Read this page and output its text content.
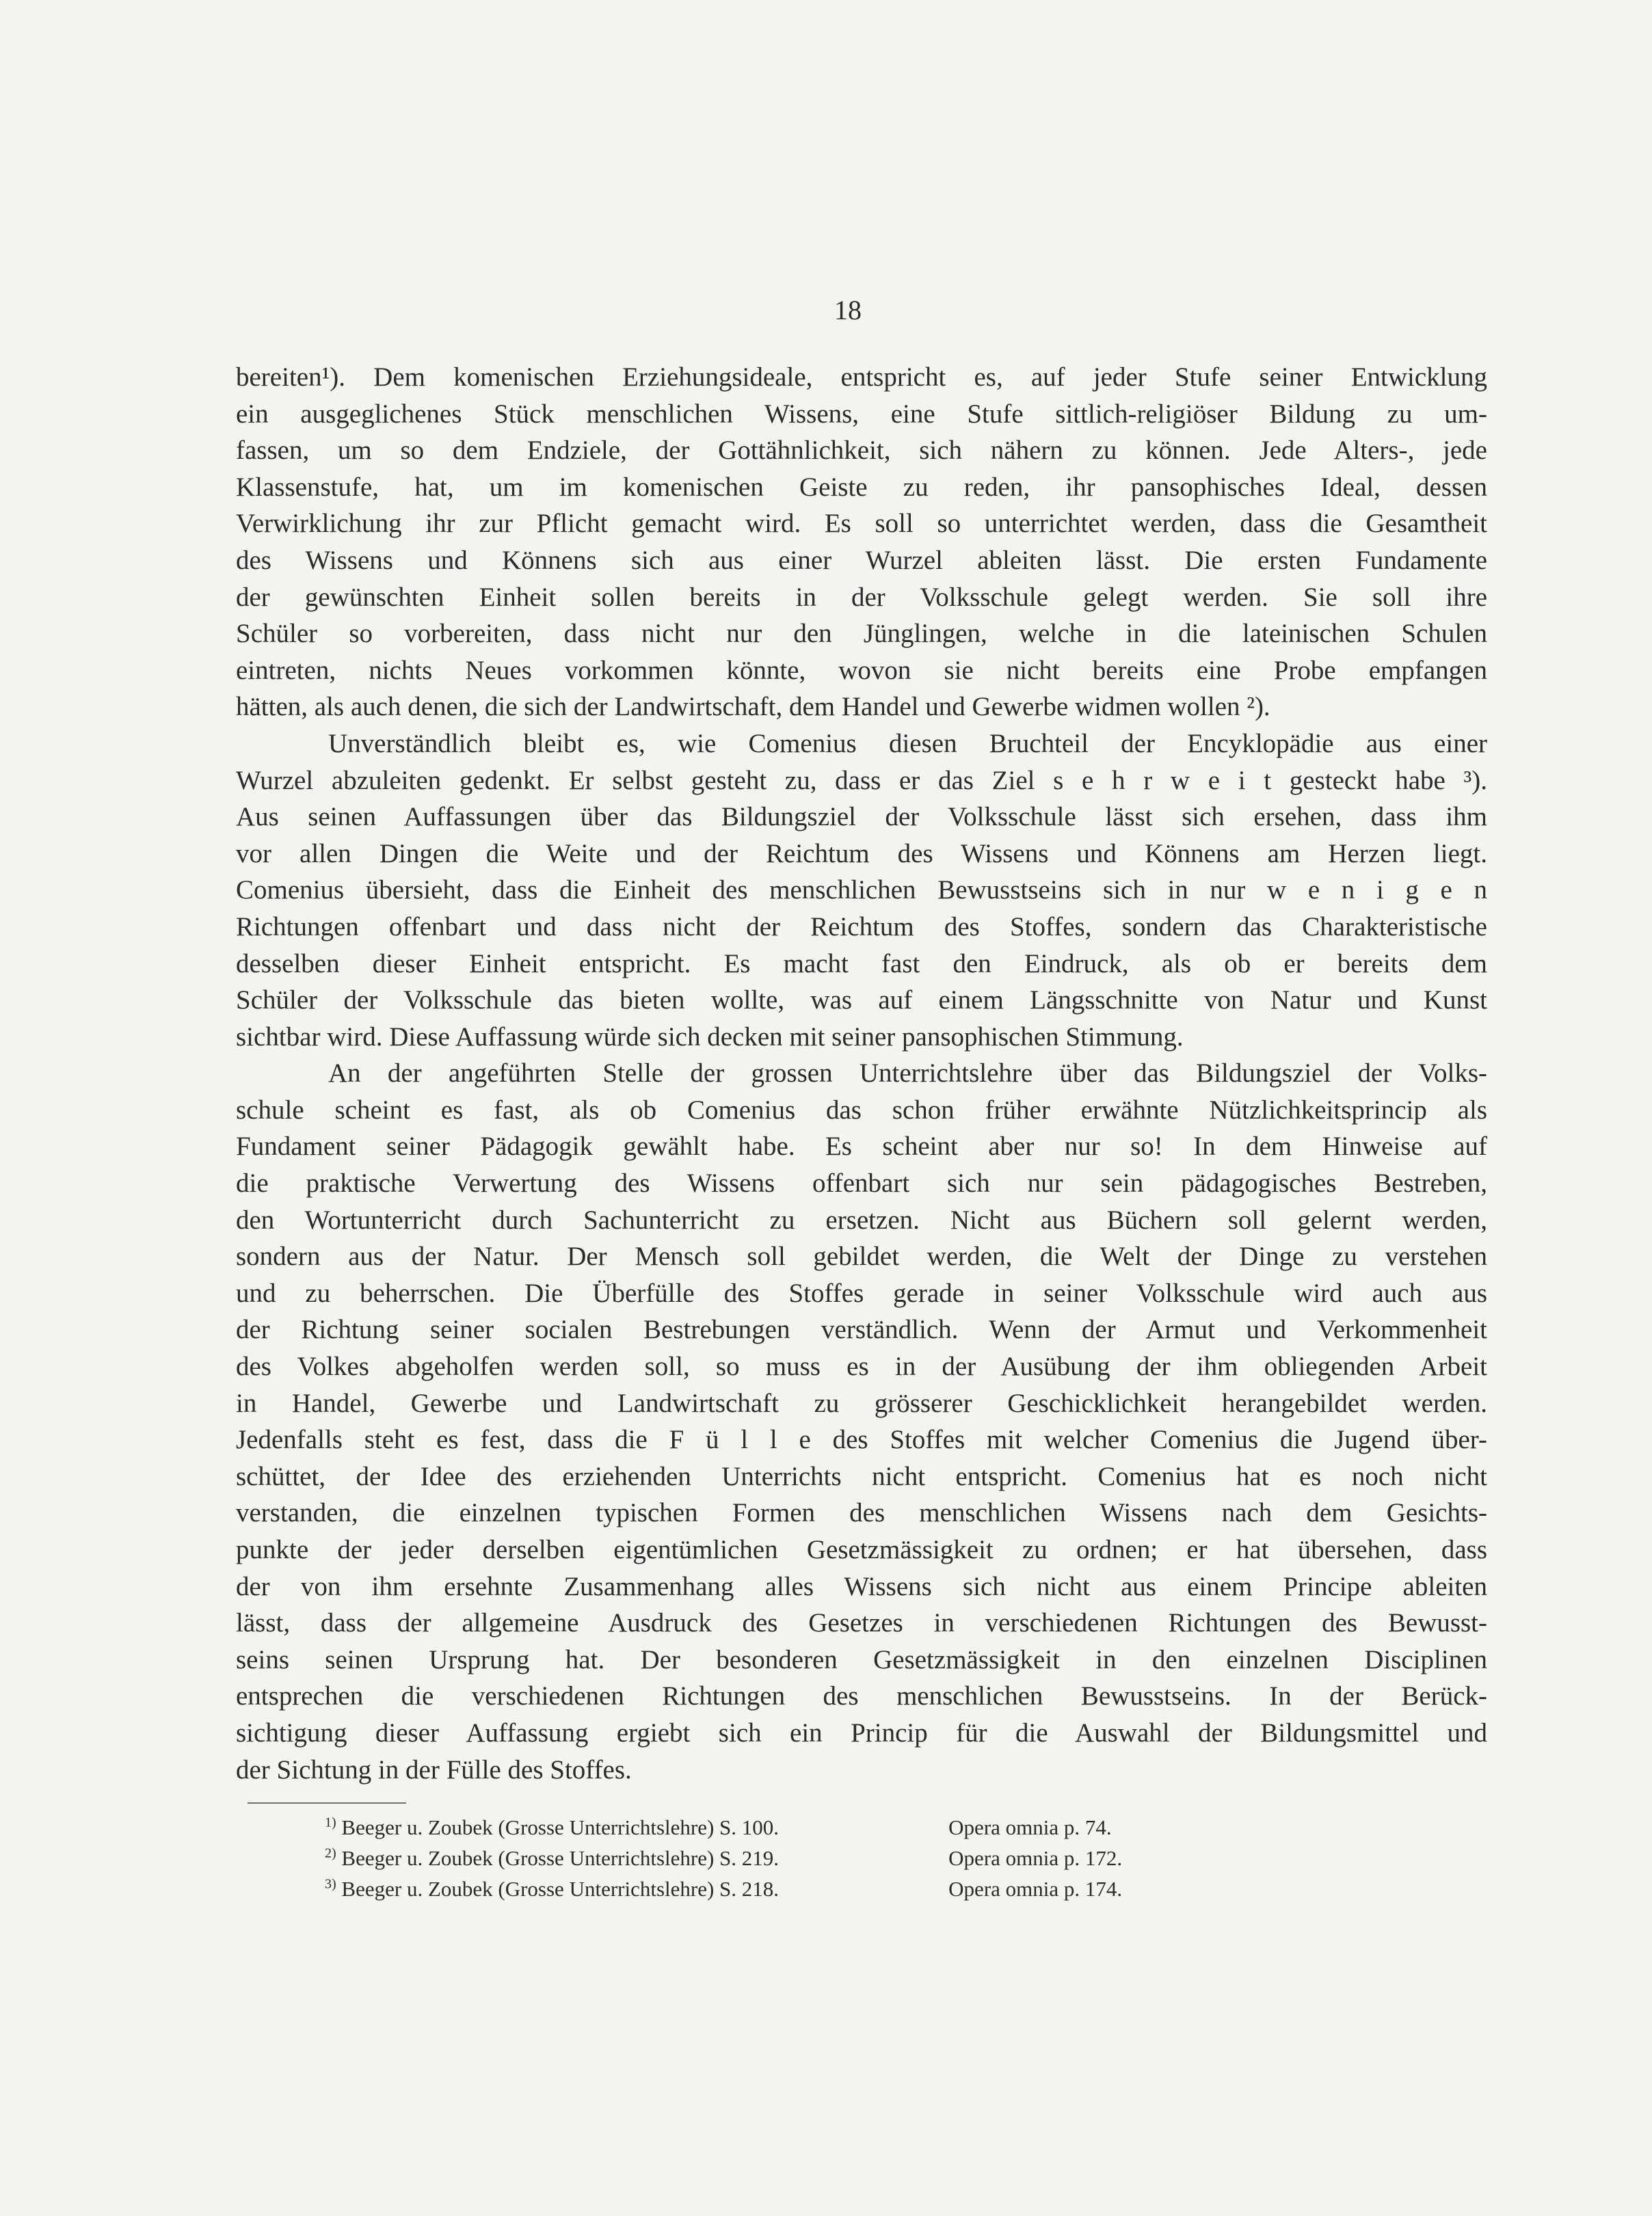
18
bereiten¹). Dem komenischen Erziehungsideale, entspricht es, auf jeder Stufe seiner Entwicklung
ein ausgeglichenes Stück menschlichen Wissens, eine Stufe sittlich-religiöser Bildung zu um-
fassen, um so dem Endziele, der Gottähnlichkeit, sich nähern zu können. Jede Alters-, jede
Klassenstufe, hat, um im komenischen Geiste zu reden, ihr pansophisches Ideal, dessen
Verwirklichung ihr zur Pflicht gemacht wird. Es soll so unterrichtet werden, dass die Gesamtheit
des Wissens und Könnens sich aus einer Wurzel ableiten lässt. Die ersten Fundamente
der gewünschten Einheit sollen bereits in der Volksschule gelegt werden. Sie soll ihre
Schüler so vorbereiten, dass nicht nur den Jünglingen, welche in die lateinischen Schulen
eintreten, nichts Neues vorkommen könnte, wovon sie nicht bereits eine Probe empfangen
hätten, als auch denen, die sich der Landwirtschaft, dem Handel und Gewerbe widmen wollen ²).
Unverständlich bleibt es, wie Comenius diesen Bruchteil der Encyklopädie aus einer
Wurzel abzuleiten gedenkt. Er selbst gesteht zu, dass er das Ziel s e h r w e i t gesteckt habe ³).
Aus seinen Auffassungen über das Bildungsziel der Volksschule lässt sich ersehen, dass ihm
vor allen Dingen die Weite und der Reichtum des Wissens und Könnens am Herzen liegt.
Comenius übersieht, dass die Einheit des menschlichen Bewusstseins sich in nur w e n i g e n
Richtungen offenbart und dass nicht der Reichtum des Stoffes, sondern das Charakteristische
desselben dieser Einheit entspricht. Es macht fast den Eindruck, als ob er bereits dem
Schüler der Volksschule das bieten wollte, was auf einem Längsschnitte von Natur und Kunst
sichtbar wird. Diese Auffassung würde sich decken mit seiner pansophischen Stimmung.
An der angeführten Stelle der grossen Unterrichtslehre über das Bildungsziel der Volks-
schule scheint es fast, als ob Comenius das schon früher erwähnte Nützlichkeitsprincip als
Fundament seiner Pädagogik gewählt habe. Es scheint aber nur so! In dem Hinweise auf
die praktische Verwertung des Wissens offenbart sich nur sein pädagogisches Bestreben,
den Wortunterricht durch Sachunterricht zu ersetzen. Nicht aus Büchern soll gelernt werden,
sondern aus der Natur. Der Mensch soll gebildet werden, die Welt der Dinge zu verstehen
und zu beherrschen. Die Überfülle des Stoffes gerade in seiner Volksschule wird auch aus
der Richtung seiner socialen Bestrebungen verständlich. Wenn der Armut und Verkommenheit
des Volkes abgeholfen werden soll, so muss es in der Ausübung der ihm obliegenden Arbeit
in Handel, Gewerbe und Landwirtschaft zu grösserer Geschicklichkeit herangebildet werden.
Jedenfalls steht es fest, dass die F ü l l e des Stoffes mit welcher Comenius die Jugend über-
schüttet, der Idee des erziehenden Unterrichts nicht entspricht. Comenius hat es noch nicht
verstanden, die einzelnen typischen Formen des menschlichen Wissens nach dem Gesichts-
punkte der jeder derselben eigentümlichen Gesetzmässigkeit zu ordnen; er hat übersehen, dass
der von ihm ersehnte Zusammenhang alles Wissens sich nicht aus einem Principe ableiten
lässt, dass der allgemeine Ausdruck des Gesetzes in verschiedenen Richtungen des Bewusst-
seins seinen Ursprung hat. Der besonderen Gesetzmässigkeit in den einzelnen Disciplinen
entsprechen die verschiedenen Richtungen des menschlichen Bewusstseins. In der Berück-
sichtigung dieser Auffassung ergiebt sich ein Princip für die Auswahl der Bildungsmittel und
der Sichtung in der Fülle des Stoffes.
$^{1)}$ Beeger u. Zoubek (Grosse Unterrichtslehre) S. 100.	Opera omnia p. 74.
$^{2)}$ Beeger u. Zoubek (Grosse Unterrichtslehre) S. 219.	Opera omnia p. 172.
$^{3)}$ Beeger u. Zoubek (Grosse Unterrichtslehre) S. 218.	Opera omnia p. 174.
